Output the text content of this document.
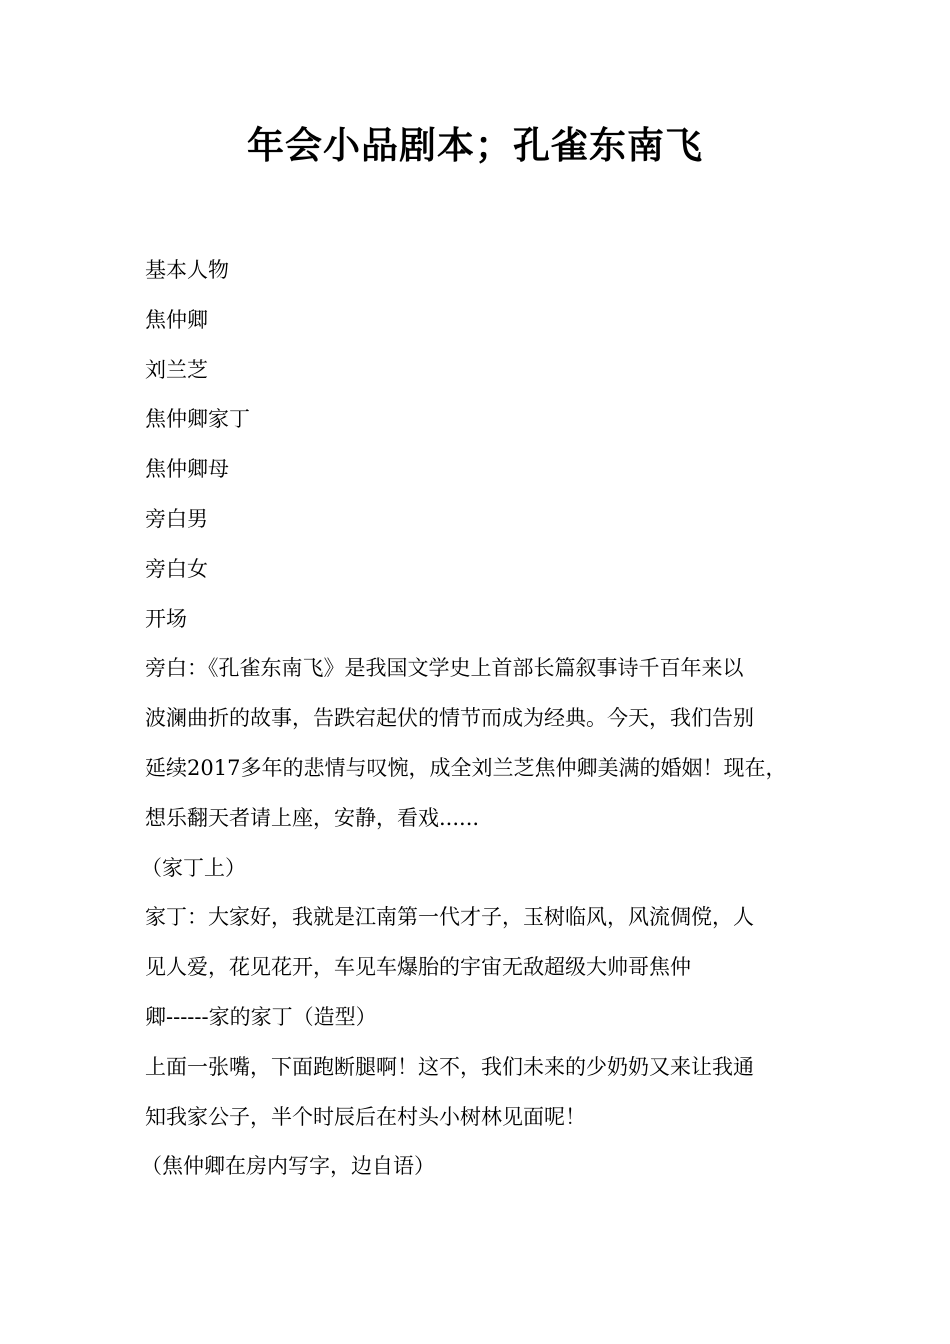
年会小品剧本；孔雀东南飞
基本人物
焦仲卿
刘兰芝
焦仲卿家丁
焦仲卿母
旁白男
旁白女
开场
旁白：《孔雀东南飞》是我国文学史上首部长篇叙事诗千百年来以
波澜曲折的故事，告跌宕起伏的情节而成为经典。今天，我们告别
延续2017多年的悲情与叹惋，成全刘兰芝焦仲卿美满的婚姻！现在，
想乐翻天者请上座，安静，看戏......
（家丁上）
家丁：大家好，我就是江南第一代才子，玉树临风，风流倜傥，人
见人爱，花见花开，车见车爆胎的宇宙无敌超级大帅哥焦仲
卿------家的家丁（造型）
上面一张嘴，下面跑断腿啊！这不，我们未来的少奶奶又来让我通
知我家公子，半个时辰后在村头小树林见面呢！
（焦仲卿在房内写字，边自语）
